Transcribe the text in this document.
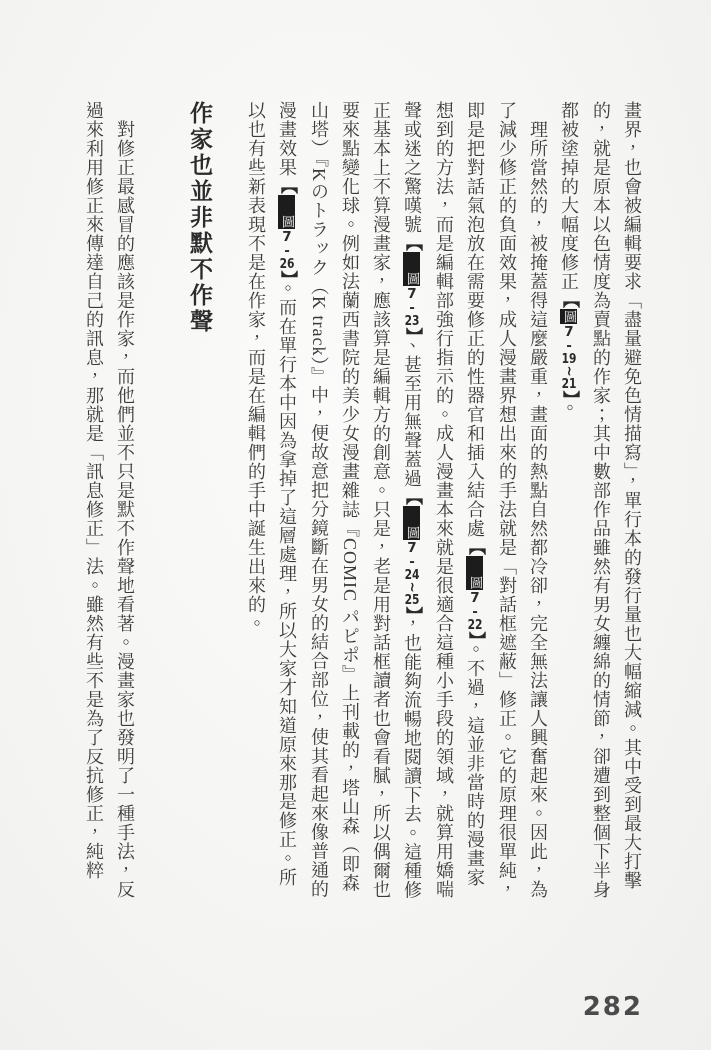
畫界，也會被編輯要求「盡量避免色情描寫」，單行本的發行量也大幅縮減。其中受到最大打擊的，就是原本以色情度為賣點的作家；其中數部作品雖然有男女纏綿的情節，卻遭到整個下半身都被塗掉的大幅度修正【圖7-19~21】。

理所當然的，被掩蓋得這麼嚴重，畫面的熱點自然都冷卻，完全無法讓人興奮起來。因此，為了減少修正的負面效果，成人漫畫界想出來的手法就是「對話框遮蔽」修正。它的原理很單純，即是把對話氣泡放在需要修正的性器官和插入結合處【圖7-22】。不過，這並非當時的漫畫家想到的方法，而是編輯部強行指示的。成人漫畫本來就是很適合這種小手段的領域，就算用嬌喘聲或迷之驚嘆號【圖7-23】、甚至用無聲蓋過【圖7-24~25】，也能夠流暢地閱讀下去。這種修正基本上不算漫畫家，應該算是編輯方的創意。只是，老是用對話框讀者也會看膩，所以偶爾也要來點變化球。例如法蘭西書院的美少女漫畫雜誌『COMIC パピポ』上刊載的，塔山森（即森山塔）『Kのトラック（K track）』中，便故意把分鏡斷在男女的結合部位，使其看起來像普通的漫畫效果【圖7-26】。而在單行本中因為拿掉了這層處理，所以大家才知道原來那是修正。所以也有些新表現不是在作家，而是在編輯們的手中誕生出來的。

作家也並非默不作聲

對修正最感冒的應該是作家，而他們並不只是默不作聲地看著。漫畫家也發明了一種手法，反過來利用修正來傳達自己的訊息，那就是「訊息修正」法。雖然有些不是為了反抗修正，純粹

282
